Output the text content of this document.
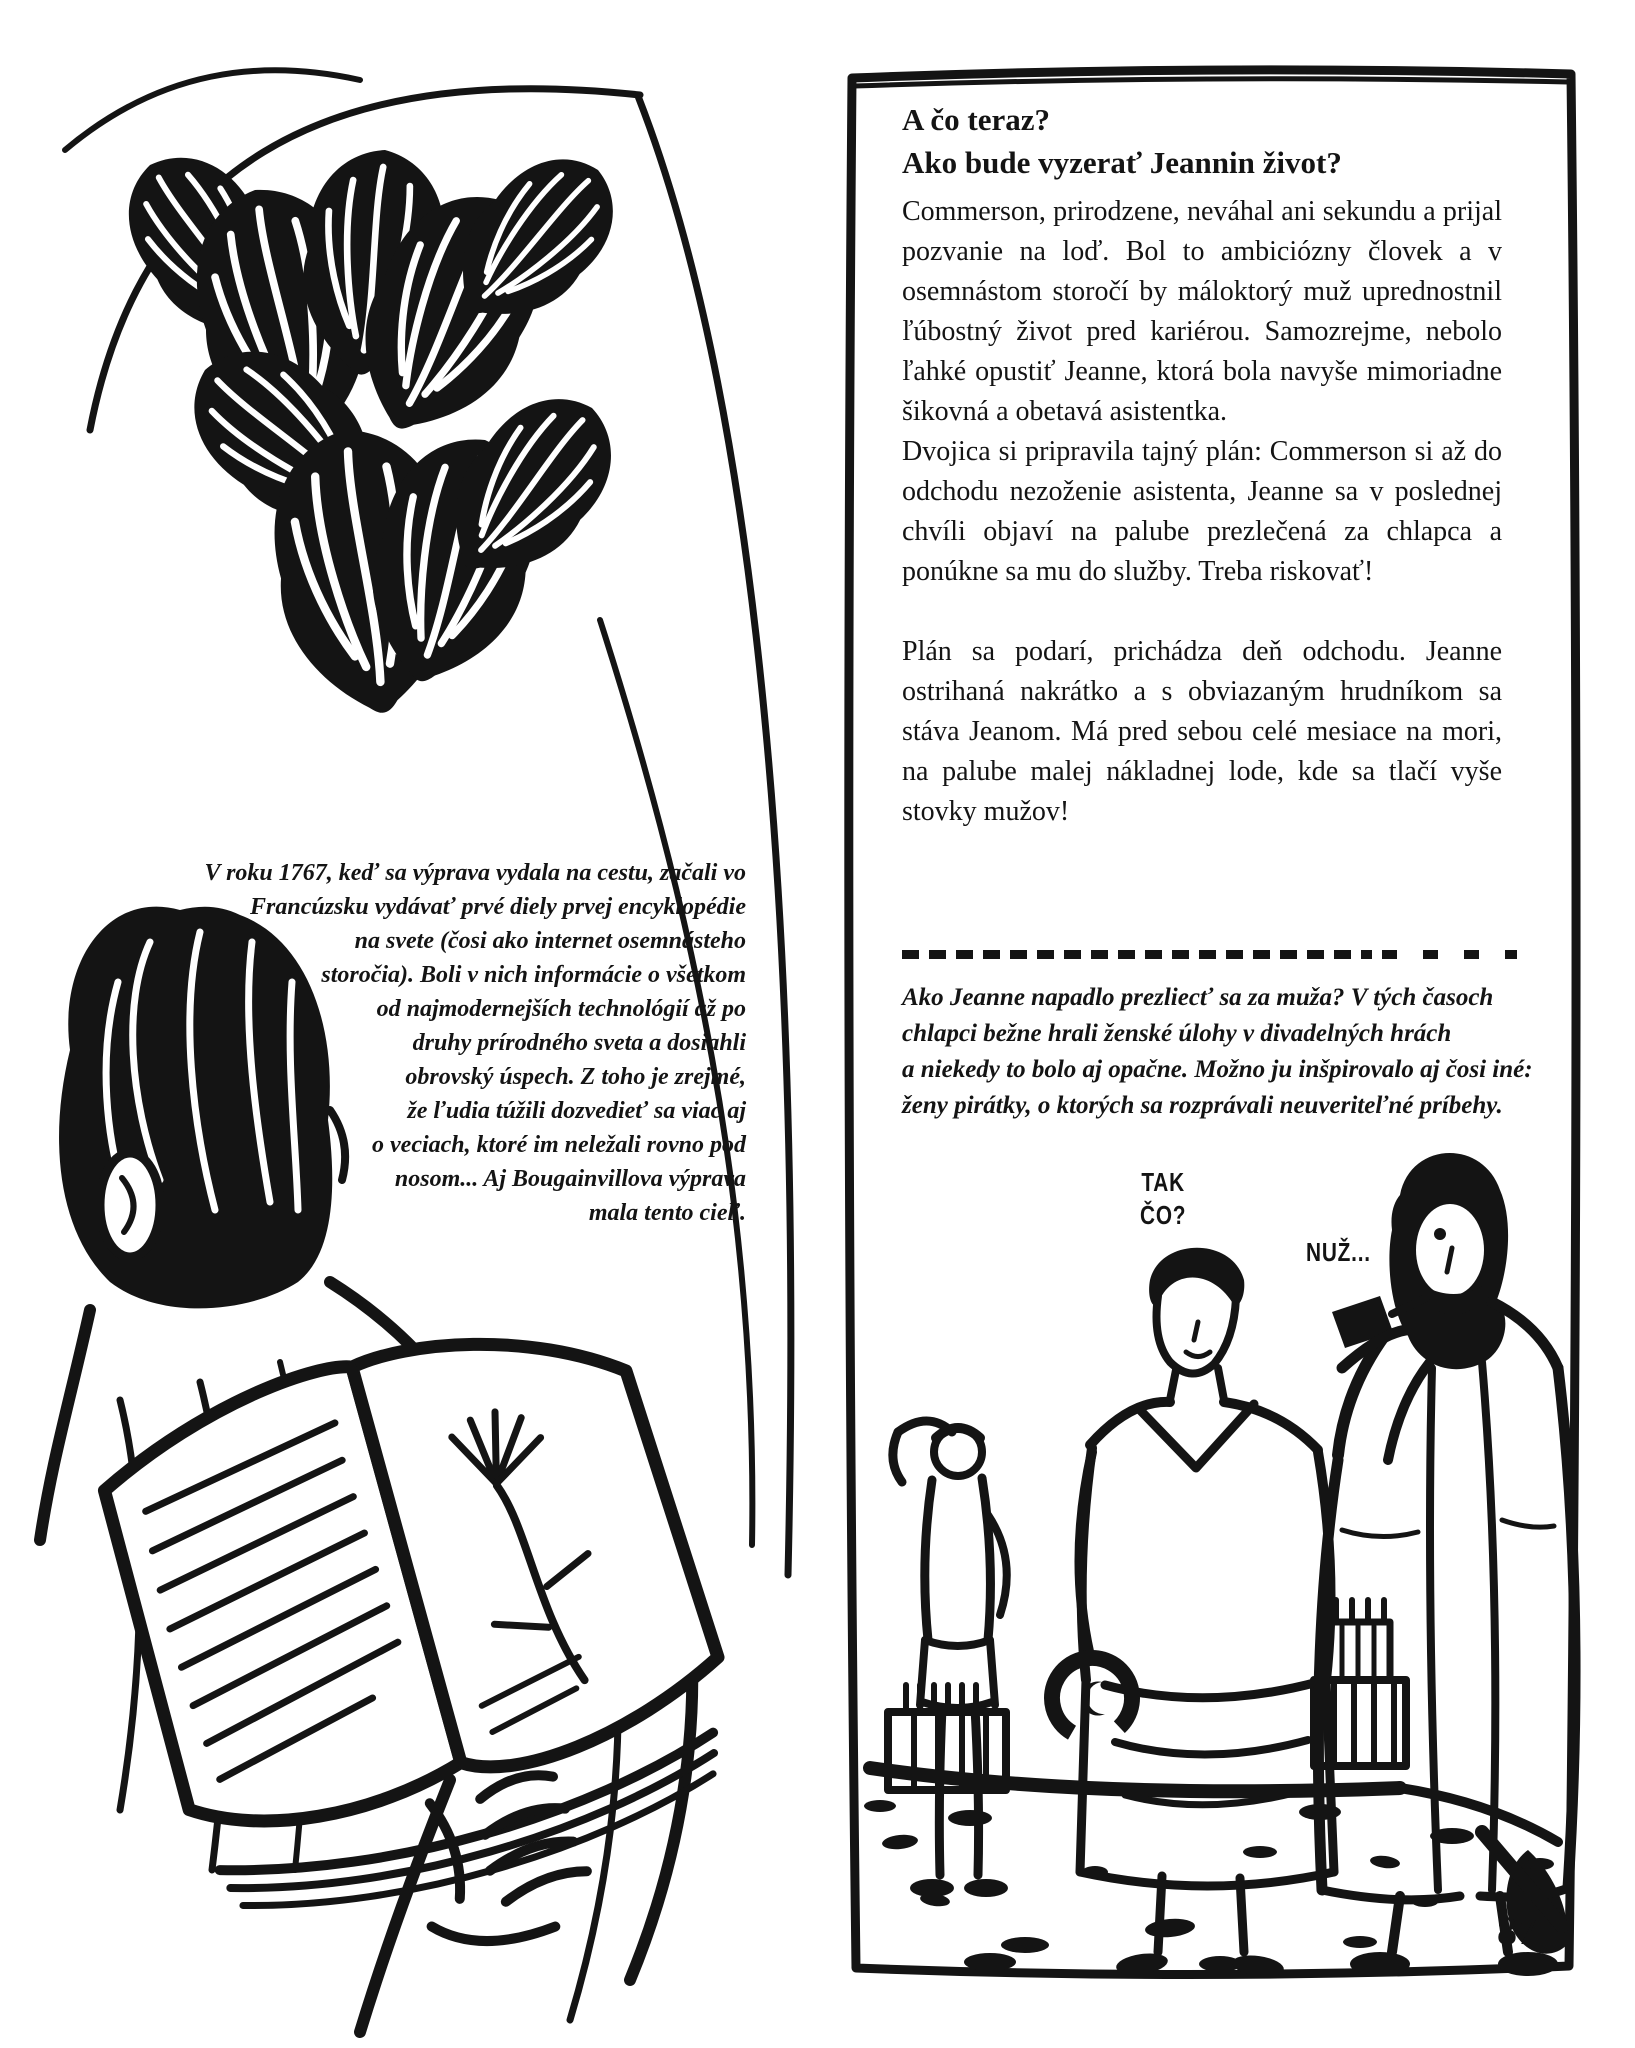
V roku 1767, keď sa výprava vydala na cestu, začali vo
Francúzsku vydávať prvé diely prvej encyklopédie
na svete (čosi ako internet osemnásteho
storočia). Boli v nich informácie o všetkom
od najmodernejších technológií až po
druhy prírodného sveta a dosiahli
obrovský úspech. Z toho je zrejmé,
že ľudia túžili dozvedieť sa viac aj
o veciach, ktoré im neležali rovno pod
nosom... Aj Bougainvillova výprava
mala tento cieľ.
A čo teraz?
Ako bude vyzerať Jeannin život?

Commerson, prirodzene, neváhal ani sekundu a prijal pozvanie na loď. Bol to ambiciózny človek a v osemnástom storočí by máloktorý muž uprednostnil ľúbostný život pred kariérou. Samozrejme, nebolo ľahké opustiť Jeanne, ktorá bola navyše mimoriadne šikovná a obetavá asistentka.

Dvojica si pripravila tajný plán: Commerson si až do odchodu nezoženie asistenta, Jeanne sa v poslednej chvíli objaví na palube prezlečená za chlapca a ponúkne sa mu do služby. Treba riskovať!

Plán sa podarí, prichádza deň odchodu. Jeanne ostrihaná nakrátko a s obviazaným hrudníkom sa stáva Jeanom. Má pred sebou celé mesiace na mori, na palube malej nákladnej lode, kde sa tlačí vyše stovky mužov!

Ako Jeanne napadlo prezliecť sa za muža? V tých časoch
chlapci bežne hrali ženské úlohy v divadelných hrách
a niekedy to bolo aj opačne. Možno ju inšpirovalo aj čosi iné:
ženy pirátky, o ktorých sa rozprávali neuveriteľné príbehy.
TAK
ČO?
NUŽ...
87
